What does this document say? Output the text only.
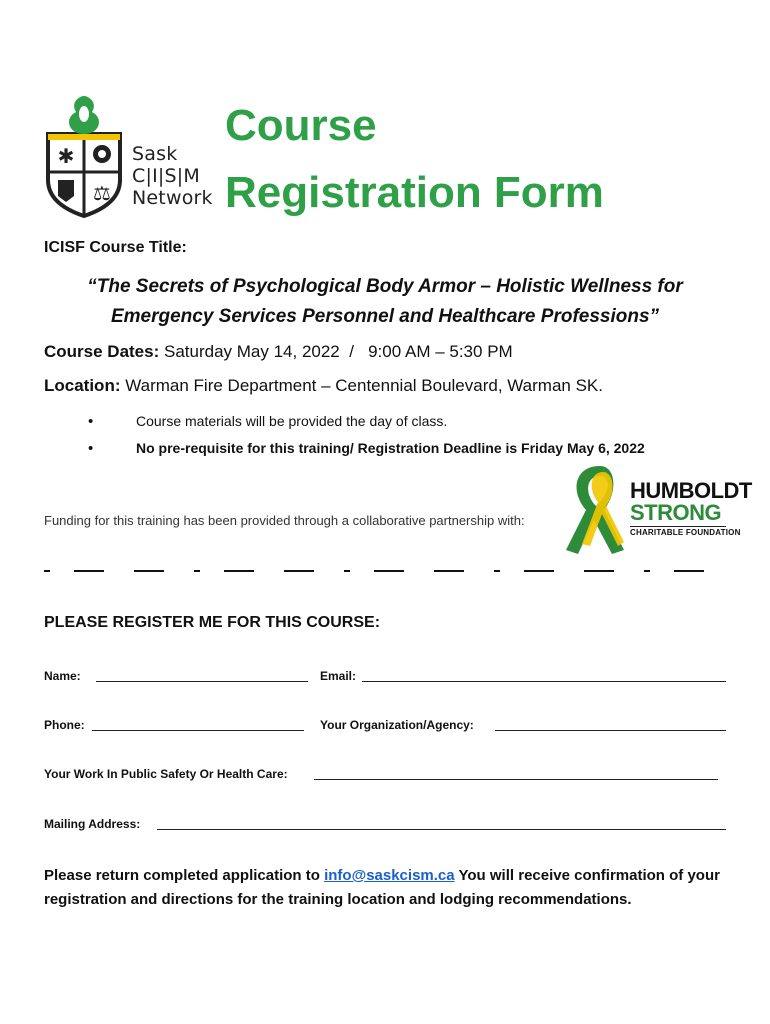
✱
⚖
Sask
C|I|S|M
Network
Course
Registration Form
ICISF Course Title:
“The Secrets of Psychological Body Armor – Holistic Wellness for Emergency Services Personnel and Healthcare Professions”
Course Dates: Saturday May 14, 2022  /   9:00 AM – 5:30 PM
Location: Warman Fire Department – Centennial Boulevard, Warman SK.
•	Course materials will be provided the day of class.
•	No pre-requisite for this training/ Registration Deadline is Friday May 6, 2022
Funding for this training has been provided through a collaborative partnership with:
HUMBOLDT
STRONG
CHARITABLE FOUNDATION
PLEASE REGISTER ME FOR THIS COURSE:
Name:	Email:
Phone:	Your Organization/Agency:
Your Work In Public Safety Or Health Care:
Mailing Address:
Please return completed application to info@saskcism.ca You will receive confirmation of your registration and directions for the training location and lodging recommendations.
